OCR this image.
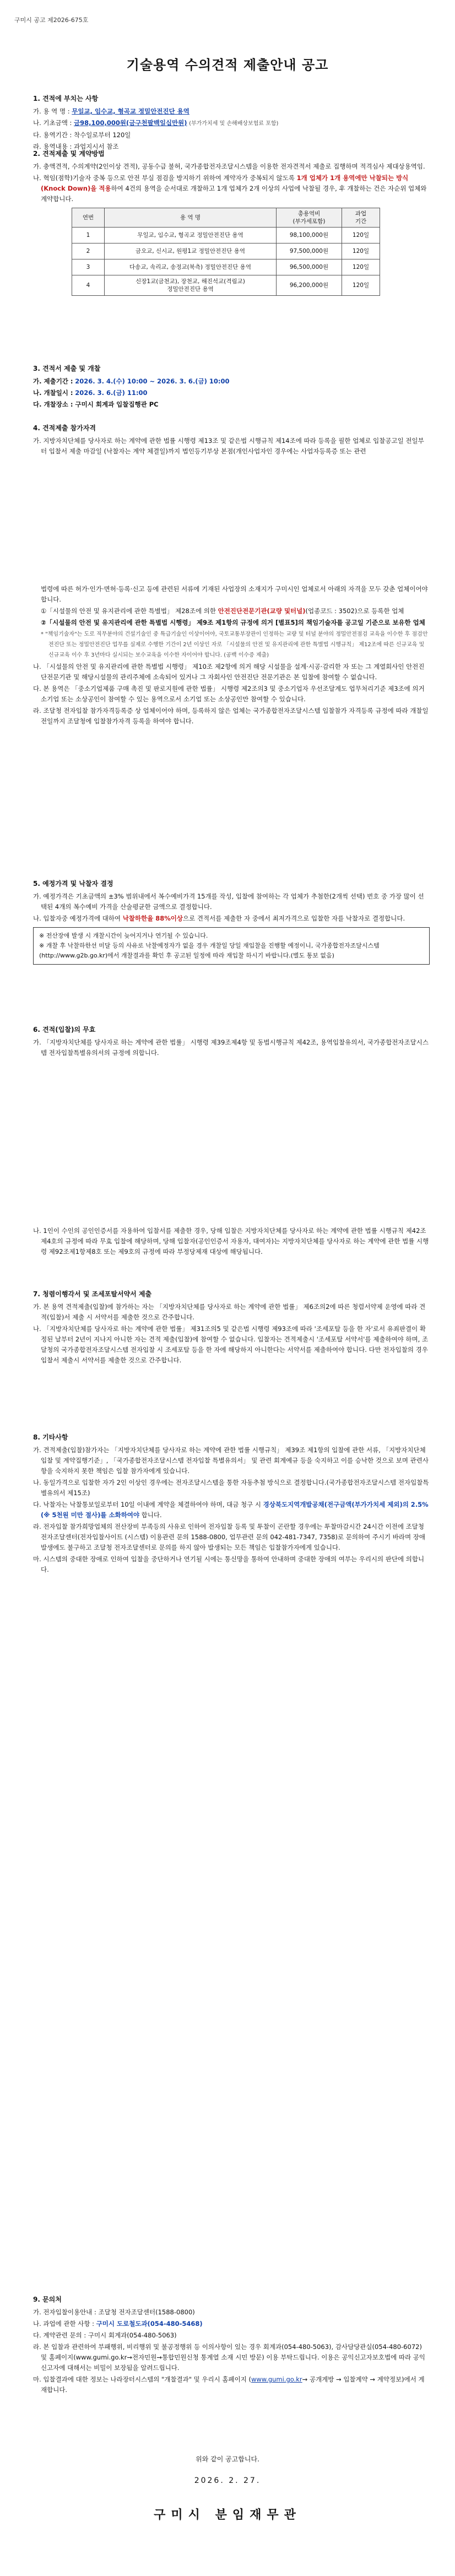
구미시 공고 제2026-675호
기술용역 수의견적 제출안내 공고
1. 견적에 부치는 사항

가. 용 역 명 : 무일교, 임수교, 형곡교 정밀안전진단 용역

나. 기초금액 : 금98,100,000원(금구천팔백일십만원) (부가가치세 및 손해배상보험료 포함)

다. 용역기간 : 착수일로부터 120일

라. 용역내용 : 과업지시서 참조

2. 견적제출 및 계약방법

가. 충액견적, 수의계약(2인이상 견적), 공동수급 불허, 국가종합전자조달시스템을 이용한 전자견적서 제출로 집행하며 적격심사 제대상용역임.

나. 혁임(점학)기술자 중복 등으로 안전 부실 점검을 방지하기 위하여 계약자가 중복되지 않도록 1개 업체가 1개 용역에만 낙찰되는 방식(Knock Down)을 적용하여 4건의 용역을 순서대로 개찰하고 1개 업체가 2개 이상의 사업에 낙찰될 경우, 후 개찰하는 건은 자순위 업체와 계약합니다.

연번	용 역 명	총용역비
(부가세포함)	과업
기간
1	무일교, 임수교, 형곡교 정밀안전진단 용역	98,100,000원	120일
2	금오교, 신시교, 원평1교 정밀안전진단 용역	97,500,000원	120일
3	다송교, 속리교, 송정교(북측) 정밀안전진단 용역	96,500,000원	120일
4	신장1교(금천교), 장천교, 해진석교(격림교)
정밀안전진단 용역	96,200,000원	120일
3. 견적서 제출 및 개찰

가. 제출기간 : 2026. 3. 4.(수) 10:00 ~ 2026. 3. 6.(금) 10:00

나. 개찰일시 : 2026. 3. 6.(금) 11:00

다. 개찰장소 : 구미시 회계과 입찰집행관 PC

4. 견적제출 참가자격

가. 지방자치단체를 당사자로 하는 계약에 관한 법률 시행령 제13조 및 같은법 시행규칙 제14조에 따라 등록을 필한 업체로 입찰공고일 전일부터 입찰서 제출 마감일 (낙찰자는 계약 체결일)까지 법인등기부상 본점(개인사업자인 경우에는 사업자등록증 또는 관련

법령에 따른 허가·인가·면허·등록·신고 등에 관련된 서류에 기재된 사업장의 소재지가 구미시인 업체로서 아래의 자격을 모두 갖춘 업체이어야 합니다.

①「시설물의 안전 및 유지관리에 관한 특별법」 제28조에 의한 안전진단전문기관(교량 및터널)(업종코드 : 3502)으로 등록한 업체

②「시설물의 안전 및 유지관리에 관한 특별법 시행령」 제9조 제1항의 규정에 의거 [별표5]의 책임기술자를 공고일 기준으로 보유한 업체

* "책임기술자"는 도로 직무분야의 건설기술인 중 특급기술인 이상이어야, 국토교통부장관이 인정하는 교량 및 터널 분야의 정밀안전점검 교육을 이수한 후 점검안전진단 또는 정밀안전진단 업무를 실제로 수행한 기간이 2년 이상인 자로 「시설물의 안전 및 유지관리에 관한 특별법 시행규칙」 제12조에 따른 신규교육 및 신규교육 이수 후 3년마다 실시되는 보수교육을 이수한 자이어야 합니다. (공백 이수증 제출)

나. 「시설물의 안전 및 유지관리에 관한 특별법 시행령」 제10조 제2항에 의거 해당 시설물을 설계·시공·감리한 자 또는 그 계열회사인 안전진단전문기관 및 해당시설물의 관리주체에 소속되어 있거나 그 자회사인 안전진단 전문기관은 본 입찰에 참여할 수 없습니다.

다. 본 용역은 「중소기업제품 구매 촉진 및 판로지원에 관한 법률」 시행령 제2조의3 및 중소기업자 우선조달계도 업무처리기준 제3조에 의거 소기업 또는 소상공인이 참여할 수 있는 용역으로서 소기업 또는 소상공인만 참여할 수 있습니다.

라. 조달청 전자입찰 참가자격등록증 상 업체이어야 하며, 등록하지 않은 업체는 국가종합전자조달시스템 입찰참가 자격등록 규정에 따라 개찰일 전일까지 조달청에 입찰참가자격 등록을 하여야 합니다.

5. 예정가격 및 낙찰자 결정

가. 예정가격은 기초금액의 ±3% 범위내에서 복수예비가격 15개를 작성, 입찰에 참여하는 각 업체가 추첨한(2개씩 선택) 번호 중 가장 많이 선택된 4개의 복수예비 가격을 산술평균한 금액으로 결정합니다.

나. 입찰자중 예정가격에 대하여 낙찰하한율 88%이상으로 견적서를 제출한 자 중에서 최저가격으로 입찰한 자를 낙찰자로 결정합니다.

※ 전산장애 발생 시 개찰시간이 늦어지거나 연기될 수 있습니다.
※ 개찰 후 낙찰하한선 미달 등의 사유로 낙찰예정자가 없을 경우 개찰일 당일 재입찰을 진행할 예정이니, 국가종합전자조달시스템(http://www.g2b.go.kr)에서 개찰결과를 확인 후 공고된 일정에 따라 재입찰 하시기 바랍니다.(별도 통보 없음)
6. 견적(입찰)의 무효

가. 「지방자치단체를 당사자로 하는 계약에 관한 법률」 시행령 제39조제4항 및 동법시행규칙 제42조, 용역입찰유의서, 국가종합전자조달시스템 전자입찰특별유의서의 규정에 의합니다.

나. 1인이 수인의 공인인증서를 자용하여 입찰서를 제출한 경우, 당해 입찰은 지방자치단체를 당사자로 하는 계약에 관한 법률 시행규칙 제42조제4호의 규정에 따라 무효 입찰에 해당하며, 당해 입찰자(공인인증서 자용자, 대여자)는 지방자치단체를 당사자로 하는 계약에 관한 법률 시행령 제92조제1항제8호 또는 제9호의 규정에 따라 부정당제재 대상에 해당됩니다.

7. 청렴이행각서 및 조세포탈서약서 제출

가. 본 용역 견적제출(입찰)에 참가하는 자는 「지방자치단체를 당사자로 하는 계약에 관한 법률」 제6조의2에 따른 청렴서약제 운영에 따라 견적(입찰)서 제출 시 서약서를 제출한 것으로 간주합니다.

나. 「지방자치단체를 당사자로 하는 계약에 관한 법률」 제31조의5 및 같은법 시행령 제93조에 따라 '조세포탈 등을 한 자'로서 유죄판결이 확정된 날부터 2년이 지나지 아니한 자는 견적 제출(입찰)에 참여할 수 없습니다. 입찰자는 견적제출시 '조세포탈 서약서'를 제출하여야 하며, 조달청의 국가종합전자조달시스템 전자입찰 시 조세포탈 등을 한 자에 해당하지 아니한다는 서약서를 제출하여야 합니다. 다만 전자입찰의 경우 입찰서 제출시 서약서를 제출한 것으로 간주합니다.

8. 기타사항

가. 견적제출(입찰)참가자는 「지방자치단체를 당사자로 하는 계약에 관한 법률 시행규칙」 제39조 제1항의 입찰에 관한 서류, 「지방자치단체입찰 및 계약집행기준」, 「국가종합전자조달시스템 전자입찰 특별유의서」 및 관련 회계예규 등을 숙지하고 이를 승낙한 것으로 보며 관련사항을 숙지하지 못한 책임은 입찰 참가자에게 있습니다.

나. 동일가격으로 입찰한 자가 2인 이상인 경우에는 전자조달시스템을 통한 자동추첨 방식으로 결정합니다.(국가종합전자조달시스템 전자입찰특별유의서 제15조)

다. 낙찰자는 낙찰통보일로부터 10일 이내에 계약을 체결하여야 하며, 대금 청구 시 경상북도지역개발공채(전구금액(부가가치세 제외)의 2.5% (※ 5천원 미만 절사)를 소화하여야 합니다.

라. 전자입찰 참가희망업체의 전산장비 부족등의 사유로 인하여 전자입찰 등록 및 투찰이 곤란할 경우에는 투찰마감시간 24시간 이전에 조달청 전자조달센터(전자입찰사이트 (시스템) 이용관련 문의 1588-0800, 업무관련 문의 042-481-7347, 7358)로 문의하여 주시기 바라며 장애발생에도 불구하고 조달청 전자조달센터로 문의를 하지 않아 발생되는 모든 책임은 입찰참가자에게 있습니다.

마. 시스템의 중대한 장애로 인하여 입찰을 중단하거나 연기될 시에는 통신망을 통하여 안내하며 중대한 장애의 여부는 우리시의 판단에 의합니다.

9. 문의처

가. 전자입찰이용안내 : 조달청 전자조달센터(1588-0800)

나. 과업에 관한 사항 : 구미시 도로철도과(054-480-5468)

다. 계약관련 문의 : 구미시 회계과(054-480-5063)

라. 본 입찰과 관련하여 부패행위, 비리행위 및 불공정행위 등 이의사항이 있는 경우 회계과(054-480-5063), 감사담당관실(054-480-6072) 및 홈페이지(www.gumi.go.kr→전자민원→통합민원신청 통계열 소재 시민 방문) 이용 부탁드립니다. 이용은 공익신고자보호법에 따라 공익신고자에 대해서는 비밀이 보장됨을 알려드립니다.

마. 입찰결과에 대한 정보는 나라장터시스템의 "개찰결과" 및 우리시 홈페이지 (www.gumi.go.kr→ 공개게방 → 입찰계약 → 계약정보)에서 게재합니다.

위와 같이 공고합니다.
2026. 2. 27.
구미시 분임재무관
